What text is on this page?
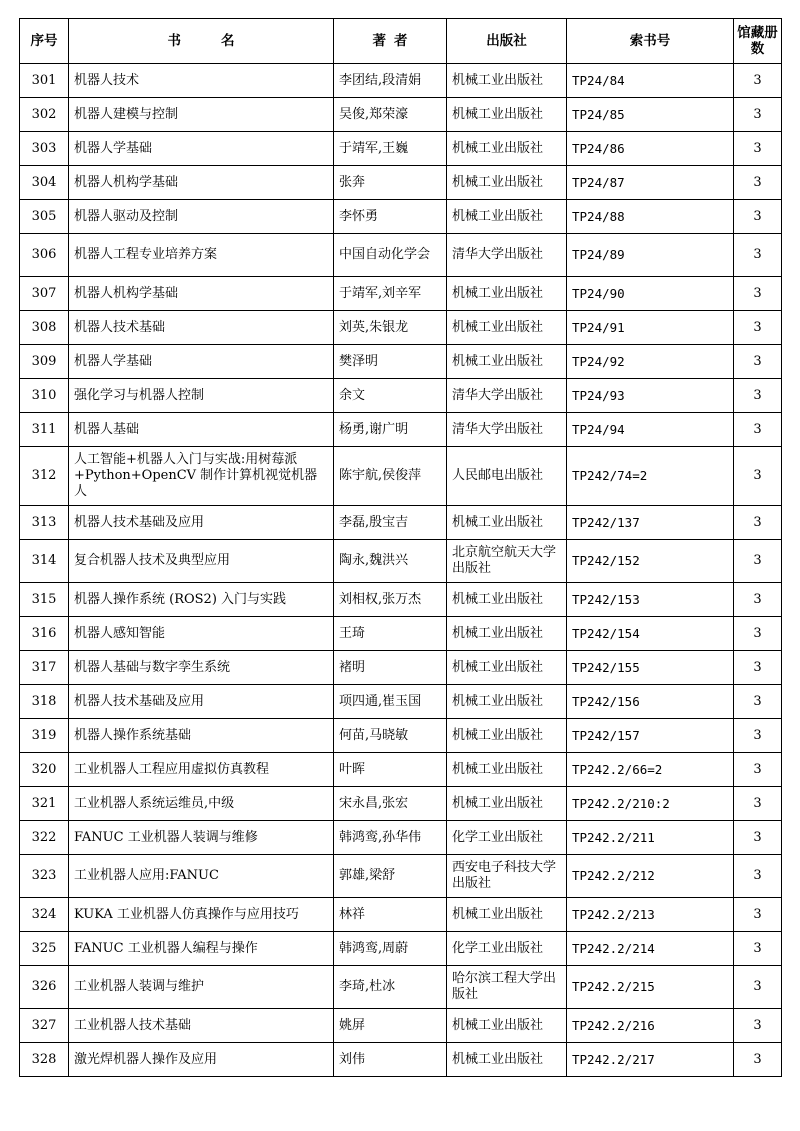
序号	书名	著者	出版社	索书号	馆藏册数
301	机器人技术	李团结,段清娟	机械工业出版社	TP24/84	3
302	机器人建模与控制	吴俊,郑荣濠	机械工业出版社	TP24/85	3
303	机器人学基础	于靖军,王巍	机械工业出版社	TP24/86	3
304	机器人机构学基础	张奔	机械工业出版社	TP24/87	3
305	机器人驱动及控制	李怀勇	机械工业出版社	TP24/88	3
306	机器人工程专业培养方案	中国自动化学会	清华大学出版社	TP24/89	3
307	机器人机构学基础	于靖军,刘辛军	机械工业出版社	TP24/90	3
308	机器人技术基础	刘英,朱银龙	机械工业出版社	TP24/91	3
309	机器人学基础	樊泽明	机械工业出版社	TP24/92	3
310	强化学习与机器人控制	余文	清华大学出版社	TP24/93	3
311	机器人基础	杨勇,谢广明	清华大学出版社	TP24/94	3
312	人工智能+机器人入门与实战:用树莓派+Python+OpenCV 制作计算机视觉机器人	陈宇航,侯俊萍	人民邮电出版社	TP242/74=2	3
313	机器人技术基础及应用	李磊,殷宝吉	机械工业出版社	TP242/137	3
314	复合机器人技术及典型应用	陶永,魏洪兴	北京航空航天大学出版社	TP242/152	3
315	机器人操作系统 (ROS2) 入门与实践	刘相权,张万杰	机械工业出版社	TP242/153	3
316	机器人感知智能	王琦	机械工业出版社	TP242/154	3
317	机器人基础与数字孪生系统	褚明	机械工业出版社	TP242/155	3
318	机器人技术基础及应用	项四通,崔玉国	机械工业出版社	TP242/156	3
319	机器人操作系统基础	何苗,马晓敏	机械工业出版社	TP242/157	3
320	工业机器人工程应用虚拟仿真教程	叶晖	机械工业出版社	TP242.2/66=2	3
321	工业机器人系统运维员,中级	宋永昌,张宏	机械工业出版社	TP242.2/210:2	3
322	FANUC 工业机器人装调与维修	韩鸿鸾,孙华伟	化学工业出版社	TP242.2/211	3
323	工业机器人应用:FANUC	郭雄,梁舒	西安电子科技大学出版社	TP242.2/212	3
324	KUKA 工业机器人仿真操作与应用技巧	林祥	机械工业出版社	TP242.2/213	3
325	FANUC 工业机器人编程与操作	韩鸿鸾,周蔚	化学工业出版社	TP242.2/214	3
326	工业机器人装调与维护	李琦,杜冰	哈尔滨工程大学出版社	TP242.2/215	3
327	工业机器人技术基础	姚屏	机械工业出版社	TP242.2/216	3
328	激光焊机器人操作及应用	刘伟	机械工业出版社	TP242.2/217	3
